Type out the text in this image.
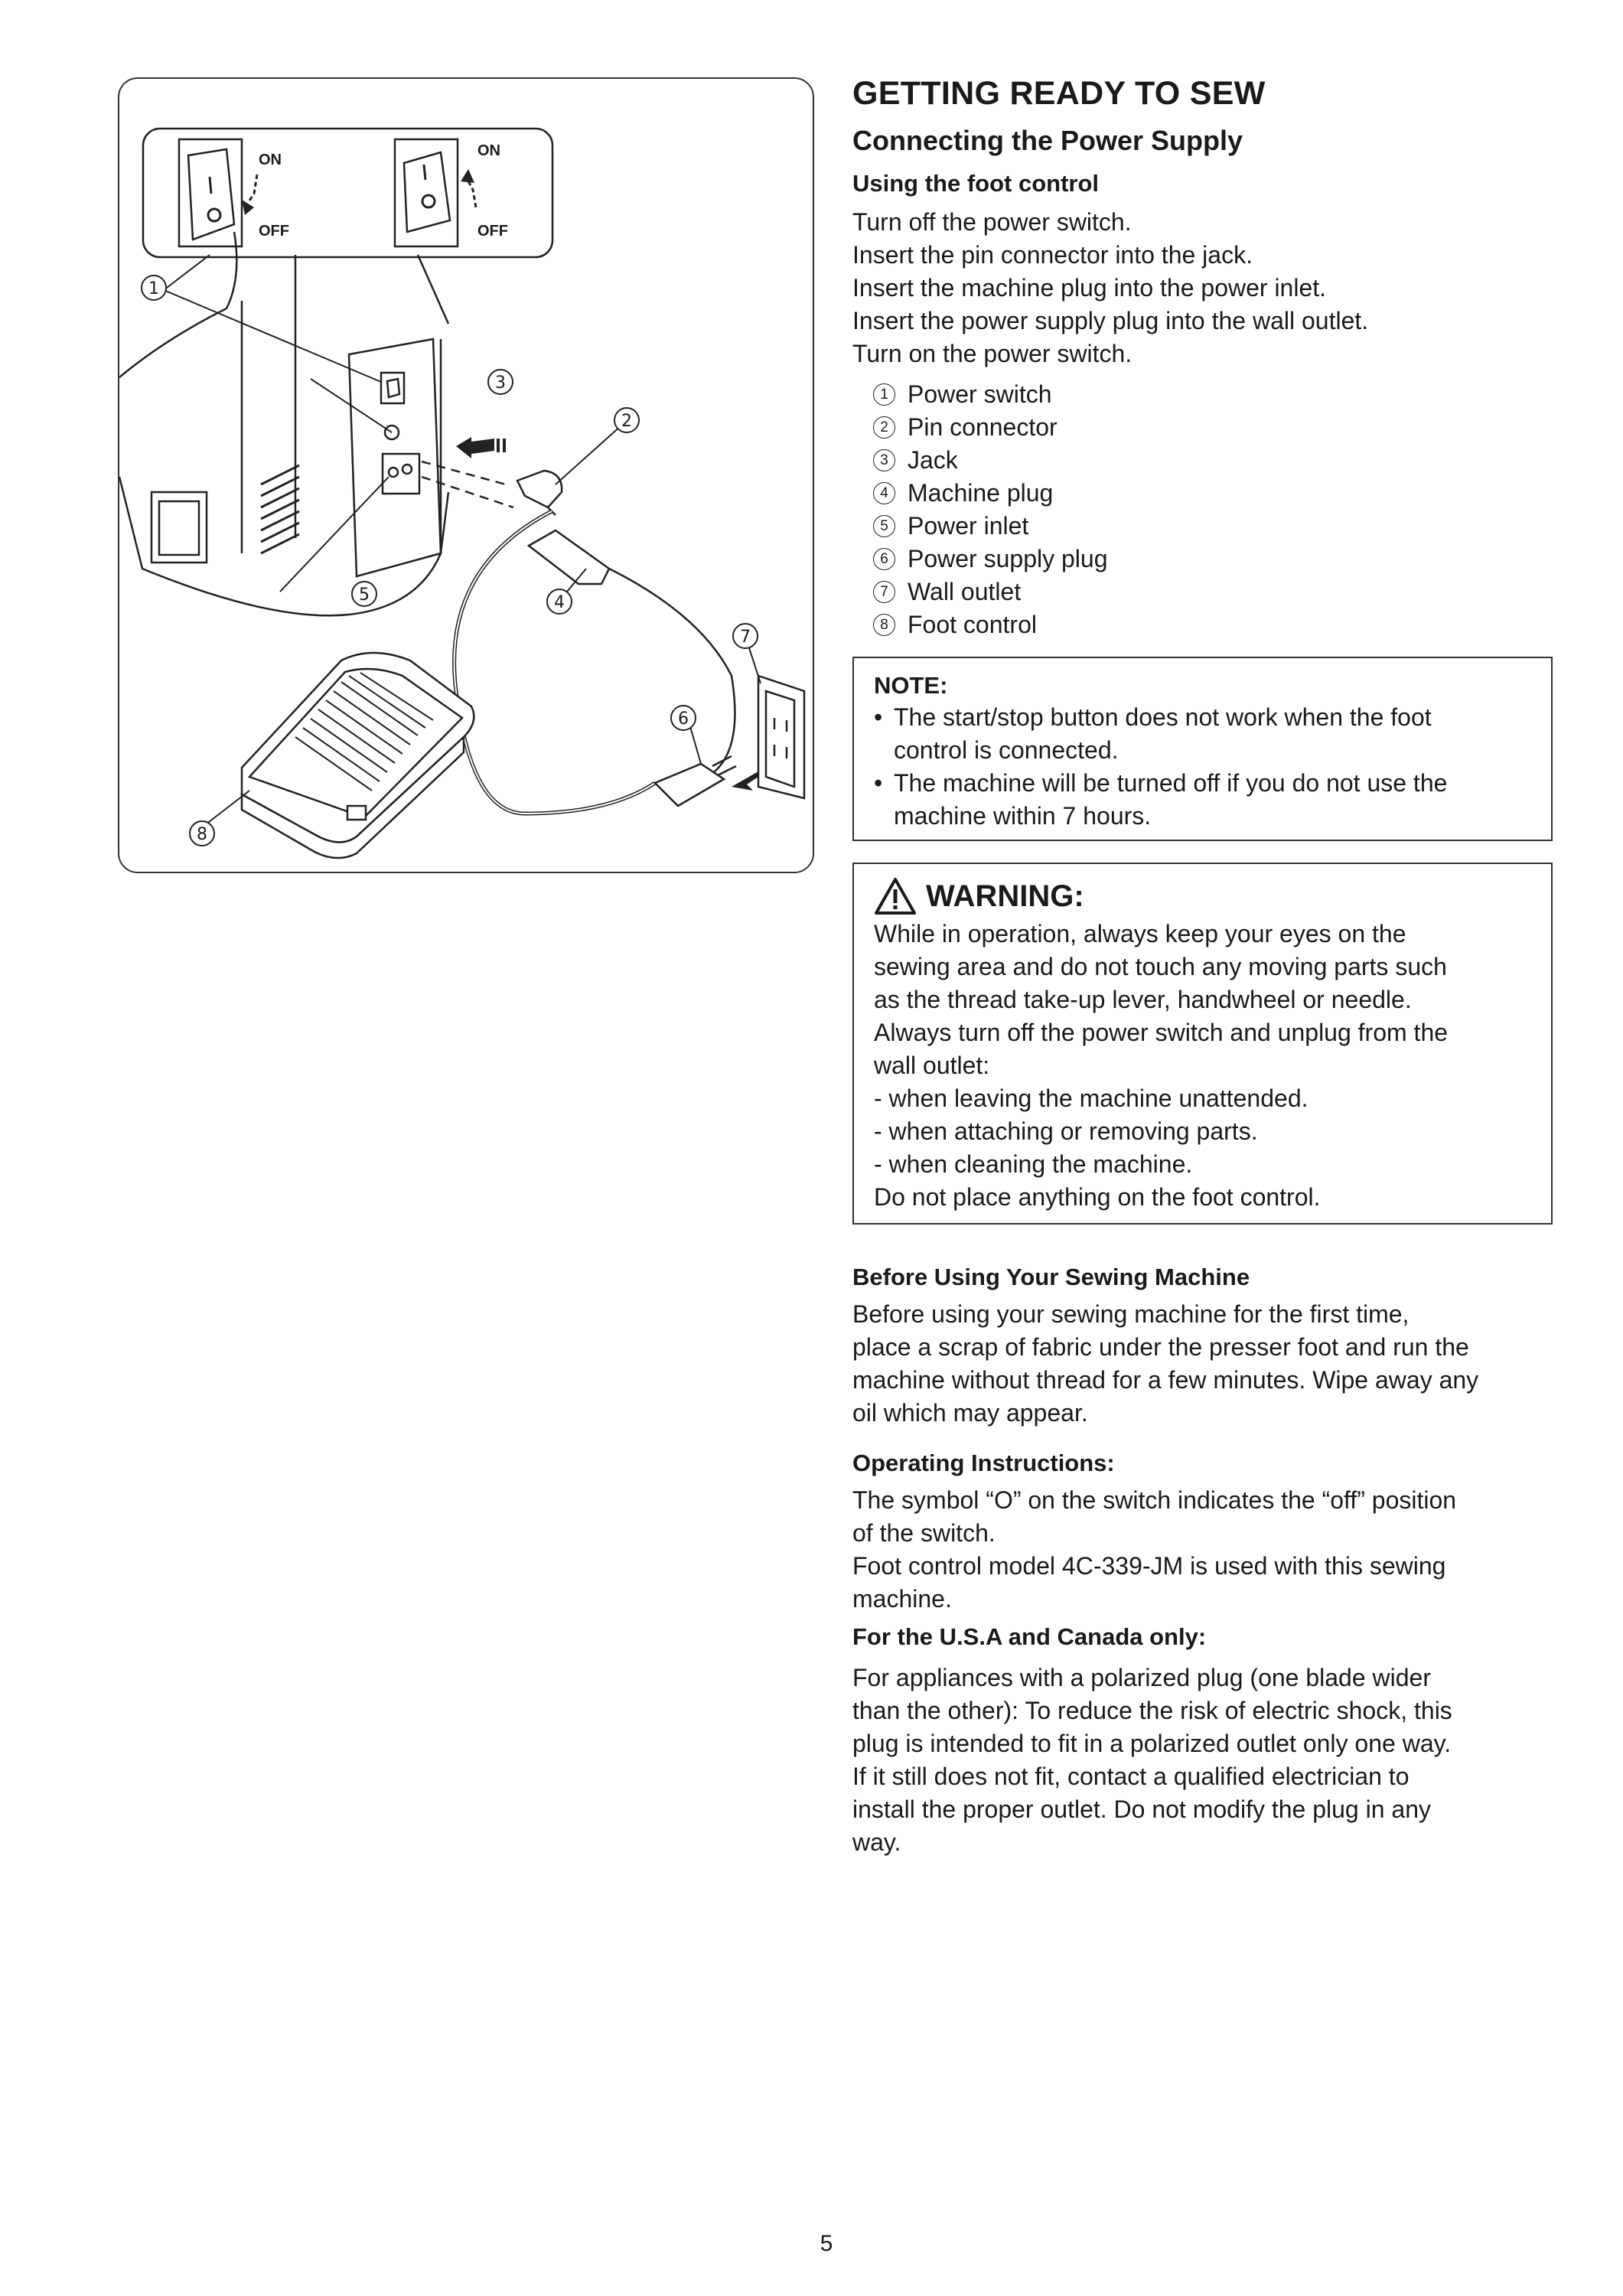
ON
OFF
ON
OFF
1
3
2
5	4
7
6
8
GETTING READY TO SEW
Connecting the Power Supply
Using the foot control
Turn off the power switch.
Insert the pin connector into the jack.
Insert the machine plug into the power inlet.
Insert the power supply plug into the wall outlet.
Turn on the power switch.
1 Power switch
2 Pin connector
3 Jack
4 Machine plug
5 Power inlet
6 Power supply plug
7 Wall outlet
8 Foot control
NOTE:
• The start/stop button does not work when the foot
control is connected.
• The machine will be turned off if you do not use the
machine within 7 hours.
WARNING:
While in operation, always keep your eyes on the
sewing area and do not touch any moving parts such
as the thread take-up lever, handwheel or needle.
Always turn off the power switch and unplug from the
wall outlet:
- when leaving the machine unattended.
- when attaching or removing parts.
- when cleaning the machine.
Do not place anything on the foot control.
Before Using Your Sewing Machine
Before using your sewing machine for the first time,
place a scrap of fabric under the presser foot and run the
machine without thread for a few minutes. Wipe away any
oil which may appear.
Operating Instructions:
The symbol “O” on the switch indicates the “off” position
of the switch.
Foot control model 4C-339-JM is used with this sewing
machine.
For the U.S.A and Canada only:
For appliances with a polarized plug (one blade wider
than the other): To reduce the risk of electric shock, this
plug is intended to fit in a polarized outlet only one way.
If it still does not fit, contact a qualified electrician to
install the proper outlet. Do not modify the plug in any
way.
5
